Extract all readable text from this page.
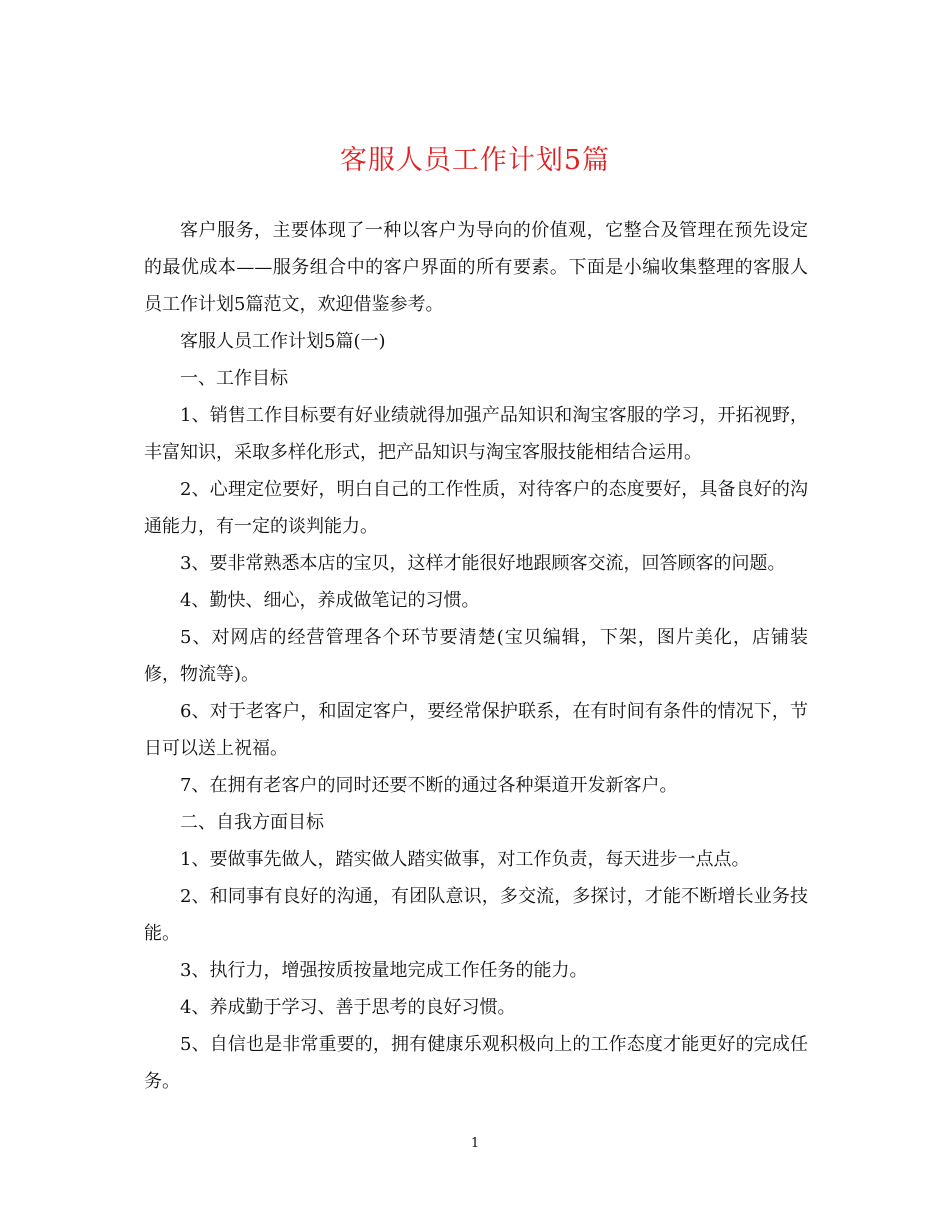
客服人员工作计划5篇

客户服务，主要体现了一种以客户为导向的价值观，它整合及管理在预先设定的最优成本——服务组合中的客户界面的所有要素。下面是小编收集整理的客服人员工作计划5篇范文，欢迎借鉴参考。

客服人员工作计划5篇(一)

一、工作目标

1、销售工作目标要有好业绩就得加强产品知识和淘宝客服的学习，开拓视野，丰富知识，采取多样化形式，把产品知识与淘宝客服技能相结合运用。

2、心理定位要好，明白自己的工作性质，对待客户的态度要好，具备良好的沟通能力，有一定的谈判能力。

3、要非常熟悉本店的宝贝，这样才能很好地跟顾客交流，回答顾客的问题。

4、勤快、细心，养成做笔记的习惯。

5、对网店的经营管理各个环节要清楚(宝贝编辑，下架，图片美化，店铺装修，物流等)。

6、对于老客户，和固定客户，要经常保护联系，在有时间有条件的情况下，节日可以送上祝福。

7、在拥有老客户的同时还要不断的通过各种渠道开发新客户。

二、自我方面目标

1、要做事先做人，踏实做人踏实做事，对工作负责，每天进步一点点。

2、和同事有良好的沟通，有团队意识，多交流，多探讨，才能不断增长业务技能。

3、执行力，增强按质按量地完成工作任务的能力。

4、养成勤于学习、善于思考的良好习惯。

5、自信也是非常重要的，拥有健康乐观积极向上的工作态度才能更好的完成任务。

1
